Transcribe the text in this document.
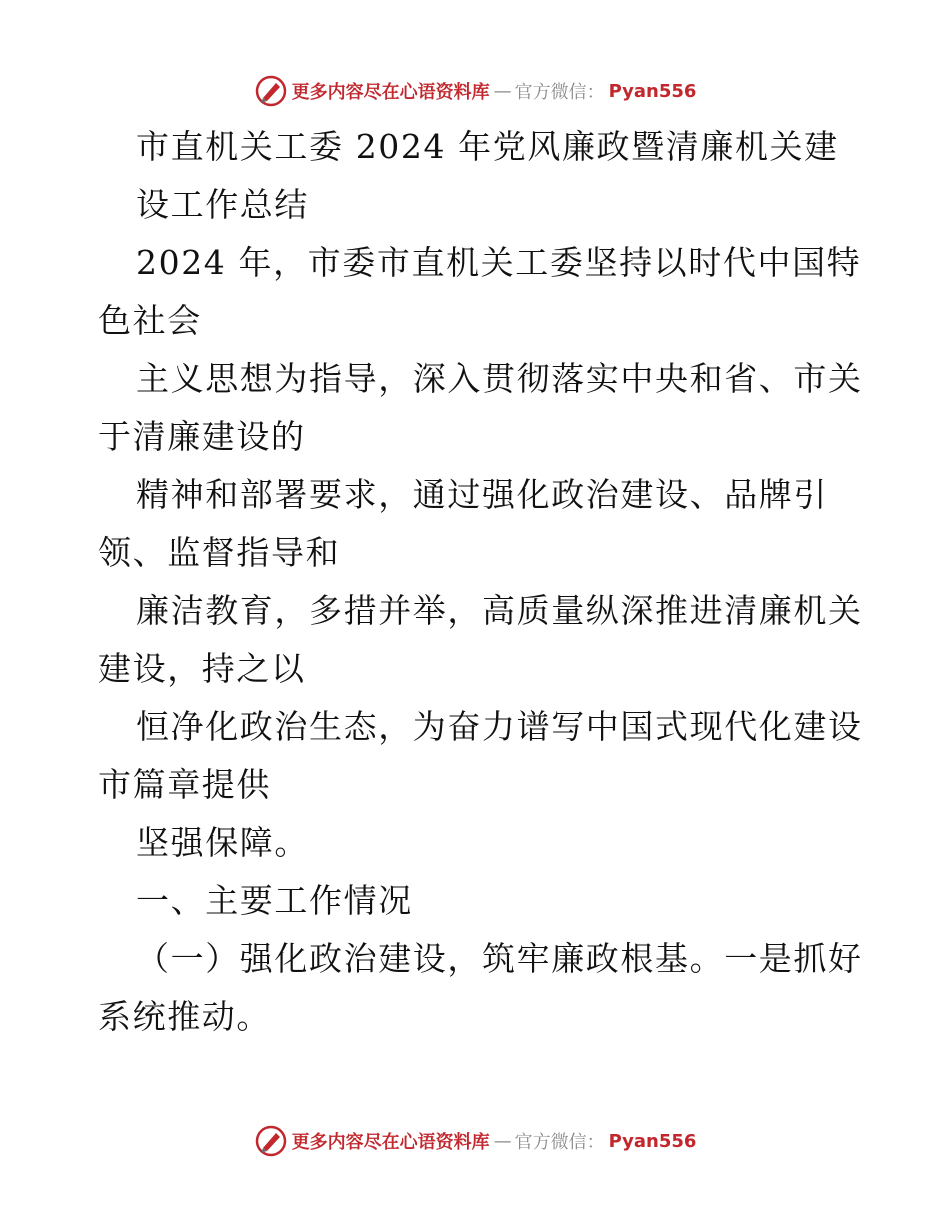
更多内容尽在心语资料库 — 官方微信： Pyan556
市直机关工委 2024 年党风廉政暨清廉机关建
设工作总结
2024 年，市委市直机关工委坚持以时代中国特
色社会
主义思想为指导，深入贯彻落实中央和省、市关
于清廉建设的
精神和部署要求，通过强化政治建设、品牌引
领、监督指导和
廉洁教育，多措并举，高质量纵深推进清廉机关
建设，持之以
恒净化政治生态，为奋力谱写中国式现代化建设
市篇章提供
坚强保障。
一、主要工作情况
（一）强化政治建设，筑牢廉政根基。一是抓好
系统推动。
更多内容尽在心语资料库 — 官方微信： Pyan556
